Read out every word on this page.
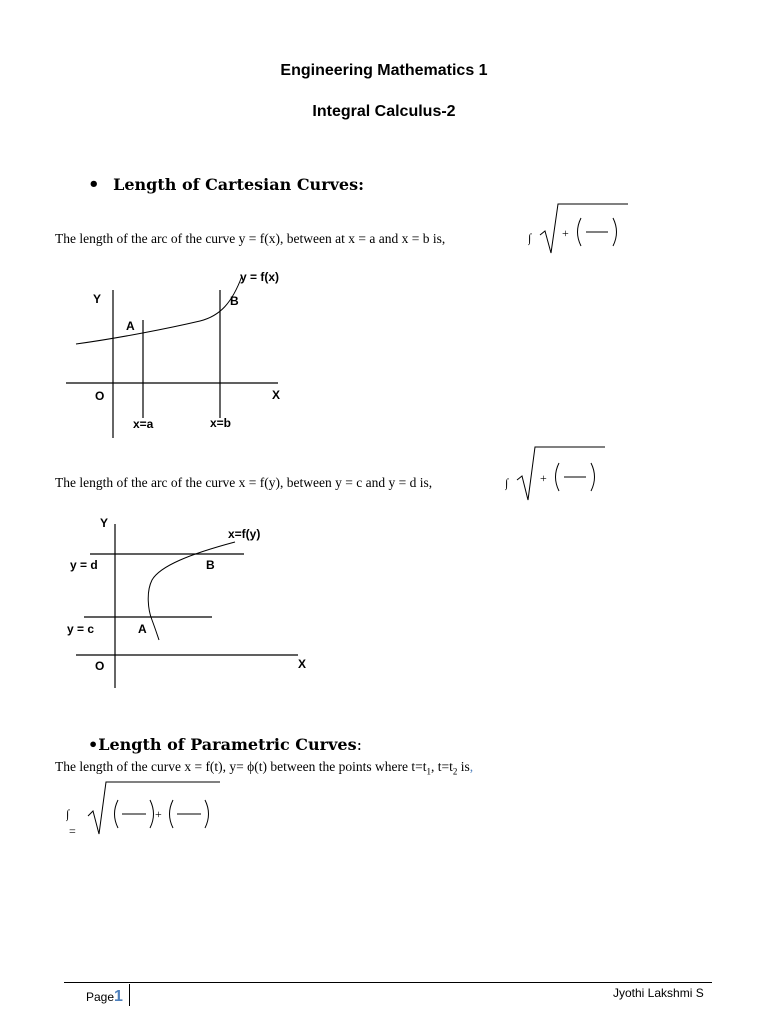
Engineering Mathematics 1
Integral Calculus-2
• Length of Cartesian Curves:
The length of the arc of the curve y = f(x), between at x = a and x = b is,	∫	+
y = f(x)
Y
X
O
A
B
x=a	x=b
The length of the arc of the curve x = f(y), between y = c and y = d is,	∫	+
x=f(y)
Y
X
O
A
B
y = d
y = c
•Length of Parametric Curves:
The length of the curve x = f(t), y= ϕ(t) between the points where $t=t_1$, $t=t_2$ is,
∫
=
+
Page1	Jyothi Lakshmi S
